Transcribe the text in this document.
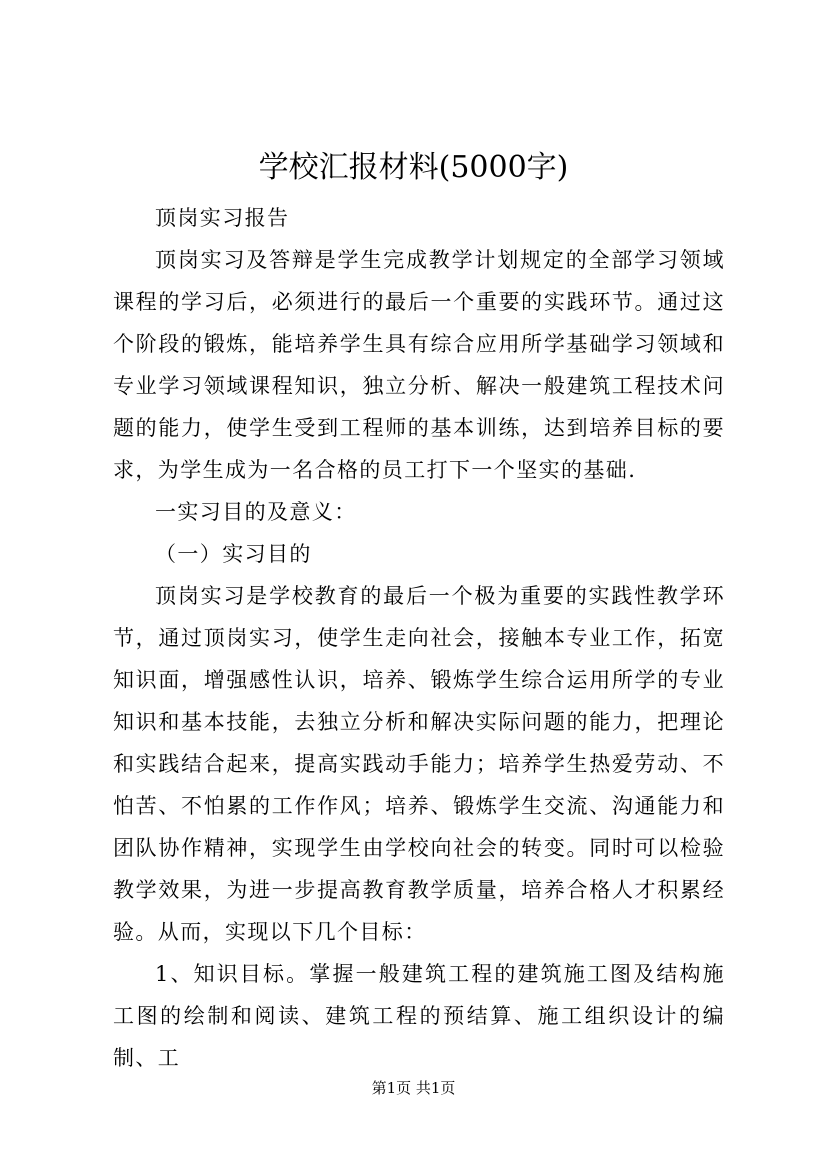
学校汇报材料(5000字)

顶岗实习报告

顶岗实习及答辩是学生完成教学计划规定的全部学习领域课程的学习后，必须进行的最后一个重要的实践环节。通过这个阶段的锻炼，能培养学生具有综合应用所学基础学习领域和专业学习领域课程知识，独立分析、解决一般建筑工程技术问题的能力，使学生受到工程师的基本训练，达到培养目标的要求，为学生成为一名合格的员工打下一个坚实的基础.

一实习目的及意义：

（一）实习目的

顶岗实习是学校教育的最后一个极为重要的实践性教学环节，通过顶岗实习，使学生走向社会，接触本专业工作，拓宽知识面，增强感性认识，培养、锻炼学生综合运用所学的专业知识和基本技能，去独立分析和解决实际问题的能力，把理论和实践结合起来，提高实践动手能力；培养学生热爱劳动、不怕苦、不怕累的工作作风；培养、锻炼学生交流、沟通能力和团队协作精神，实现学生由学校向社会的转变。同时可以检验教学效果，为进一步提高教育教学质量，培养合格人才积累经验。从而，实现以下几个目标：

1、知识目标。掌握一般建筑工程的建筑施工图及结构施工图的绘制和阅读、建筑工程的预结算、施工组织设计的编制、工

第1页 共1页
